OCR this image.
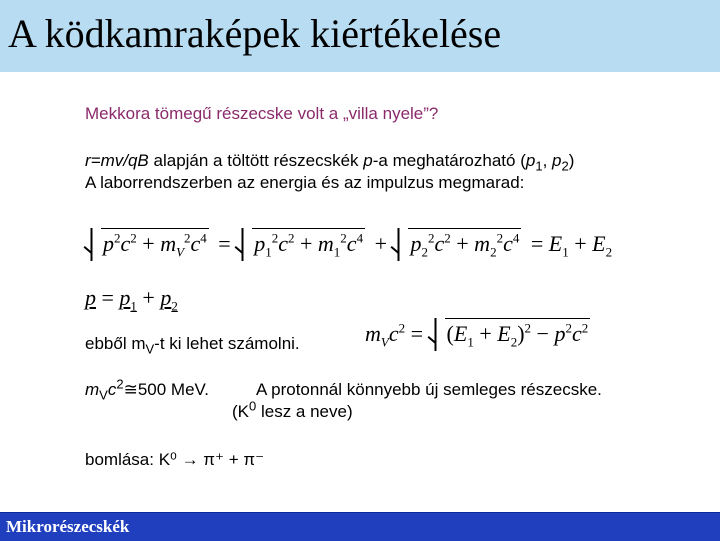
A ködkamraképek kiértékelése
Mekkora tömegű részecske volt a „villa nyele”?
r=mv/qB alapján a töltött részecskék p-a meghatározható ($p_1$, $p_2$)
A laborrendszerben az energia és az impulzus megmarad:
$p^2c^2 + m_V^2c^4$ =
$p_1^2c^2 + m_1^2c^4$ +
$p_2^2c^2 + m_2^2c^4 = E_1 + E_2$
$p = p_1 + p_2$
ebből $m_V-t$ ki lehet számolni.	$m_Vc^2$ =
$(E_1 + E_2)^2 - p^2c^2$
$m_Vc^2≅500$ MeV.	A protonnál könnyebb új semleges részecske.
($K^0$ lesz a neve)
bomlása: K⁰ → π⁺ + π⁻
Mikrorészecskék
